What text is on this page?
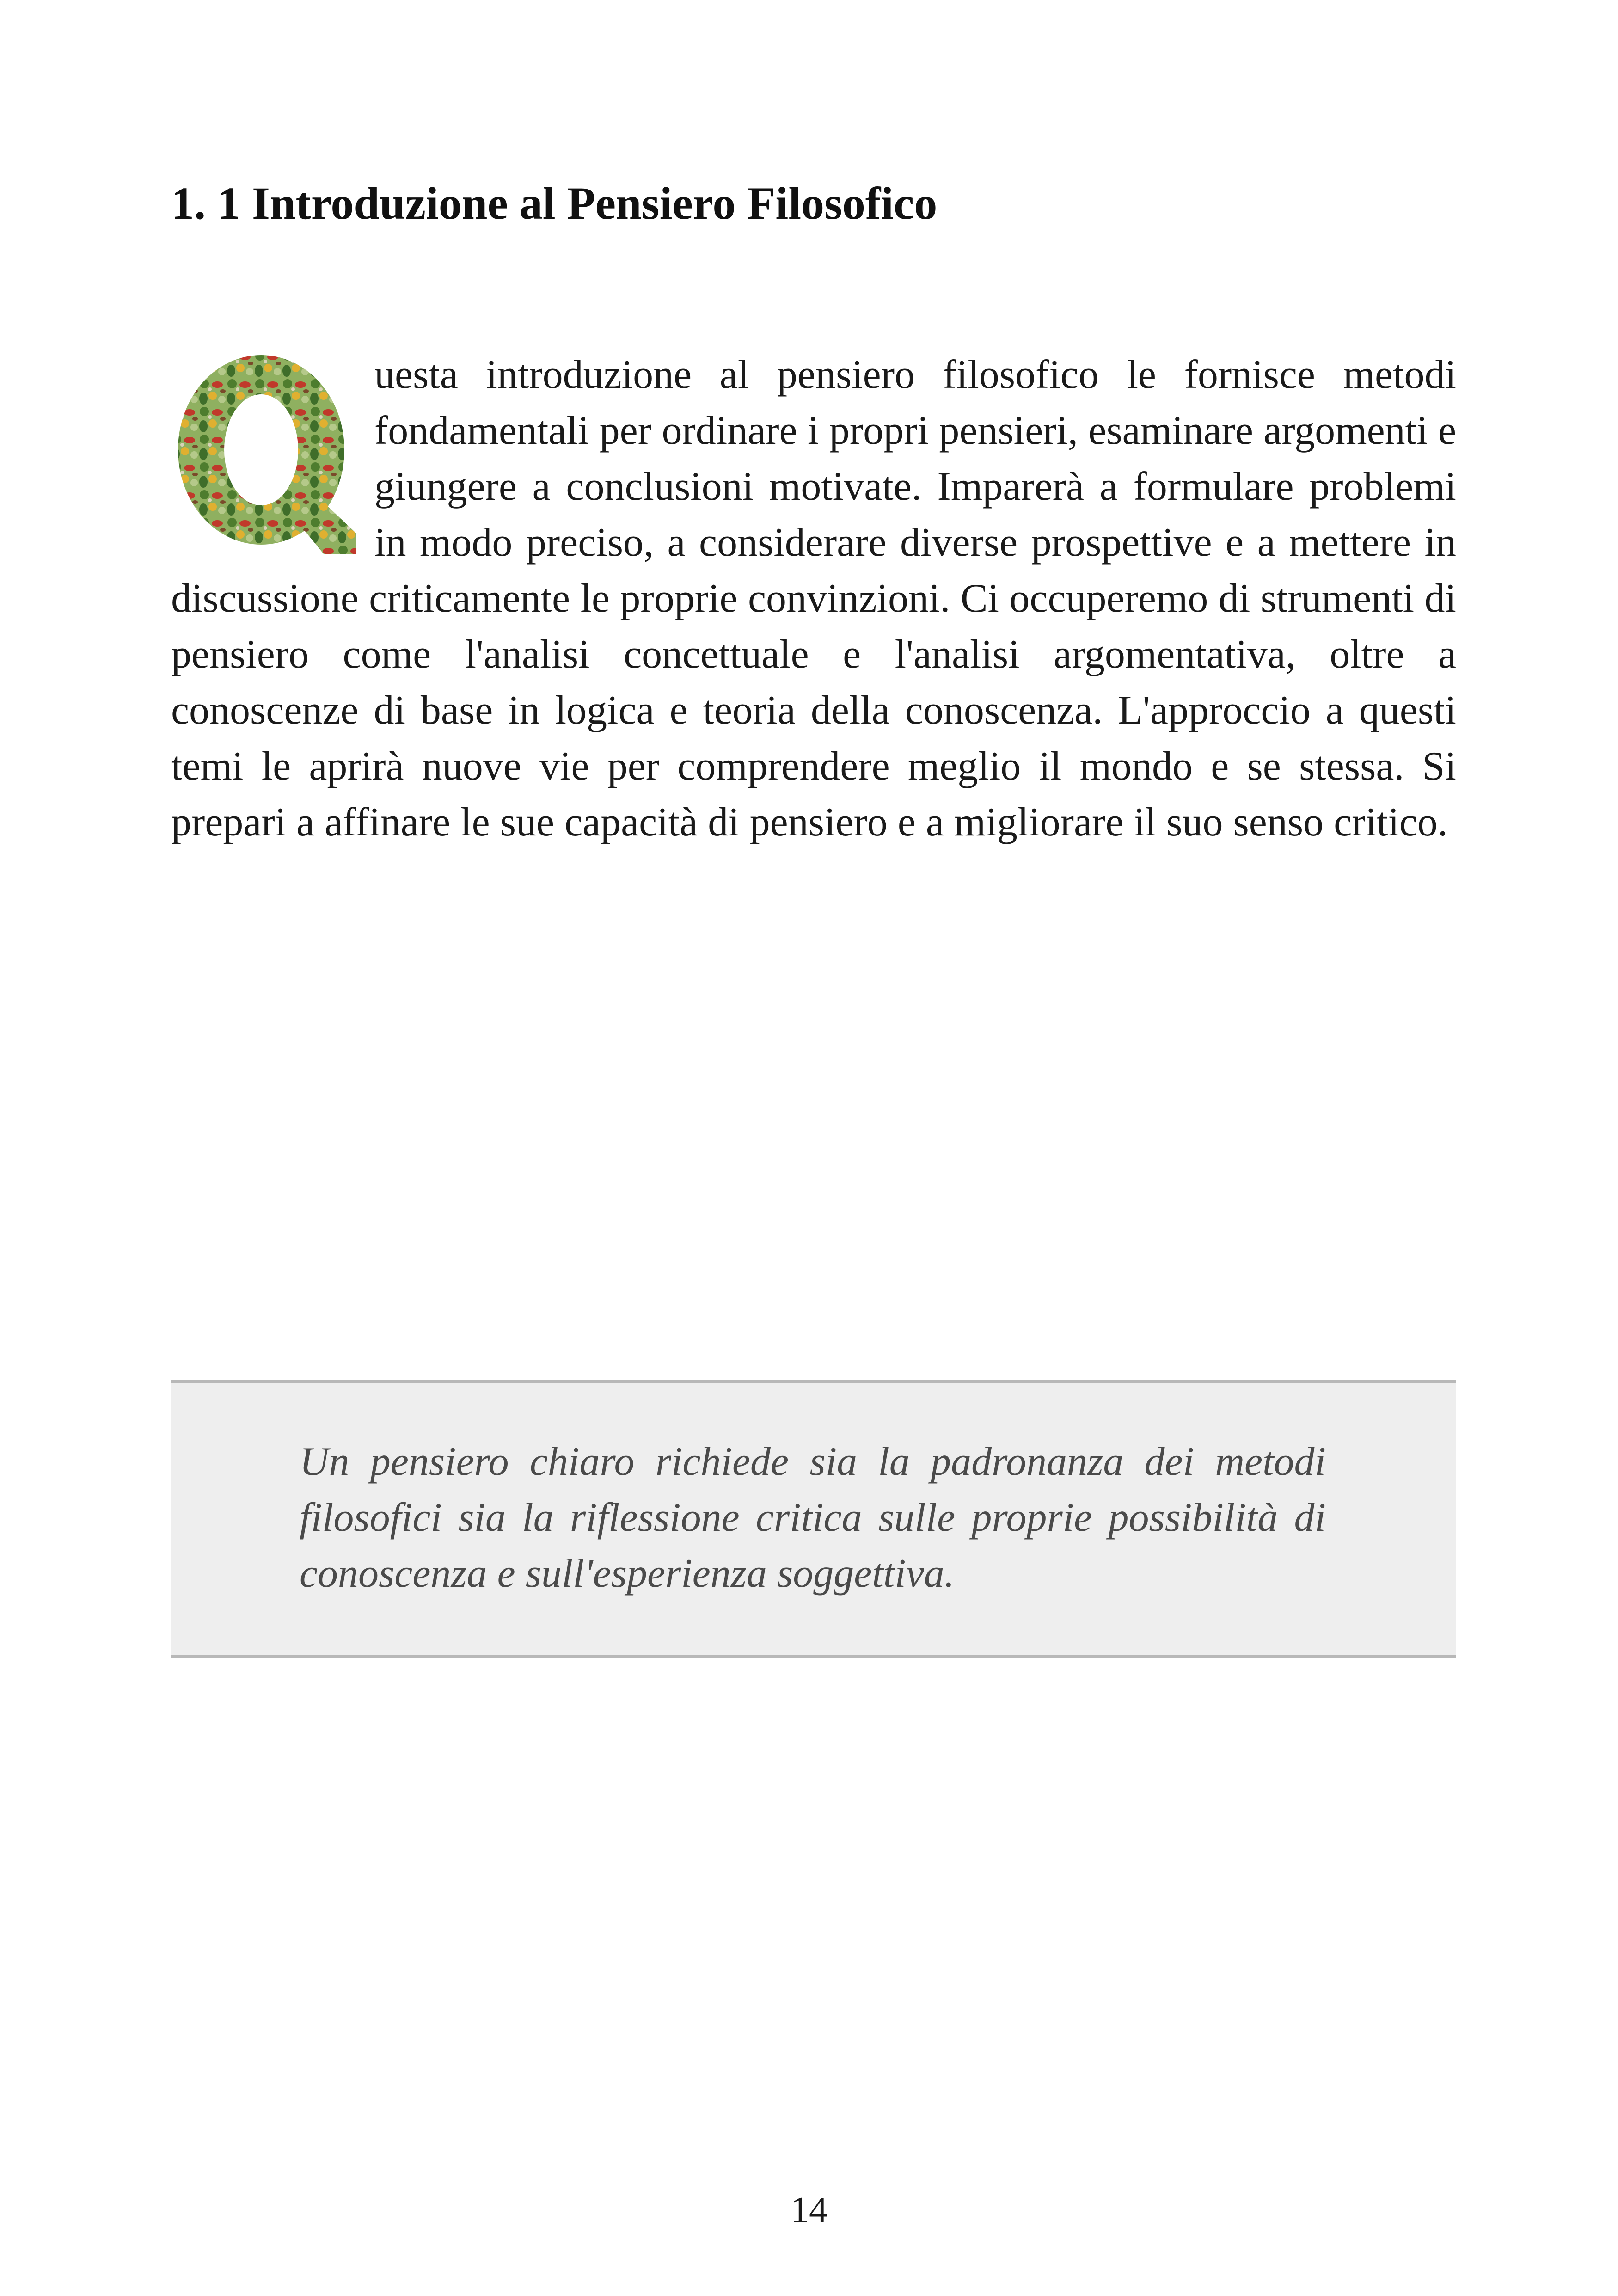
1. 1 Introduzione al Pensiero Filosofico

uesta introduzione al pensiero filosofico le fornisce metodi fondamentali per ordinare i propri pensieri, esaminare argomenti e giungere a conclusioni motivate. Imparerà a formulare problemi in modo preciso, a considerare diverse prospettive e a mettere in discussione criticamente le proprie convinzioni. Ci occuperemo di strumenti di pensiero come l'analisi concettuale e l'analisi argomentativa, oltre a conoscenze di base in logica e teoria della conoscenza. L'approccio a questi temi le aprirà nuove vie per comprendere meglio il mondo e se stessa. Si prepari a affinare le sue capacità di pensiero e a migliorare il suo senso critico.

Un pensiero chiaro richiede sia la padronanza dei metodi filosofici sia la riflessione critica sulle proprie possibilità di conoscenza e sull'esperienza soggettiva.

14
